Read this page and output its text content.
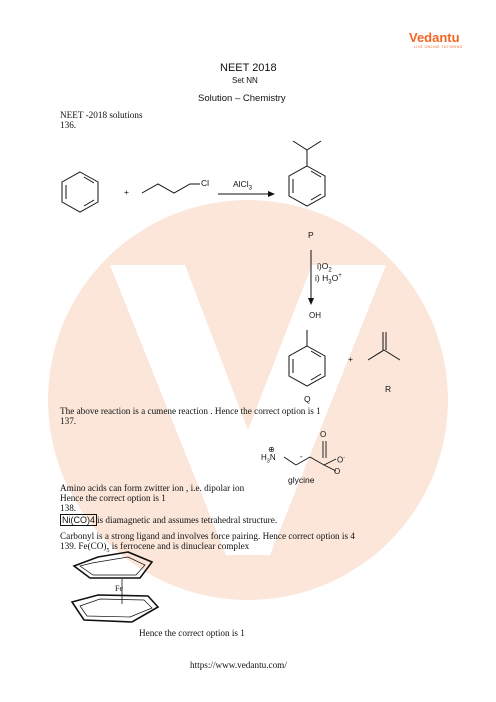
Vedantu
LIVE ONLINE TUTORING
NEET 2018
Set NN
Solution – Chemistry
NEET -2018 solutions
136.
+
Cl	AlCl$_3$
P
$i)O_2$
i) $H_3O^+$
OH
+
Q
R
The above reaction is a cumene reaction . Hence the correct option is 1
137.
⊕
$H_3N$	-
O
O-
O
glycine
Amino acids can form zwitter ion , i.e. dipolar ion
Hence the correct option is 1
138.
Ni(CO)4 is diamagnetic and assumes tetrahedral structure.
Carbonyl is a strong ligand and involves force pairing. Hence correct option is 4
139. $Fe(CO)_5$ is ferrocene and is dinuclear complex
Fe
Hence the correct option is 1
https://www.vedantu.com/
